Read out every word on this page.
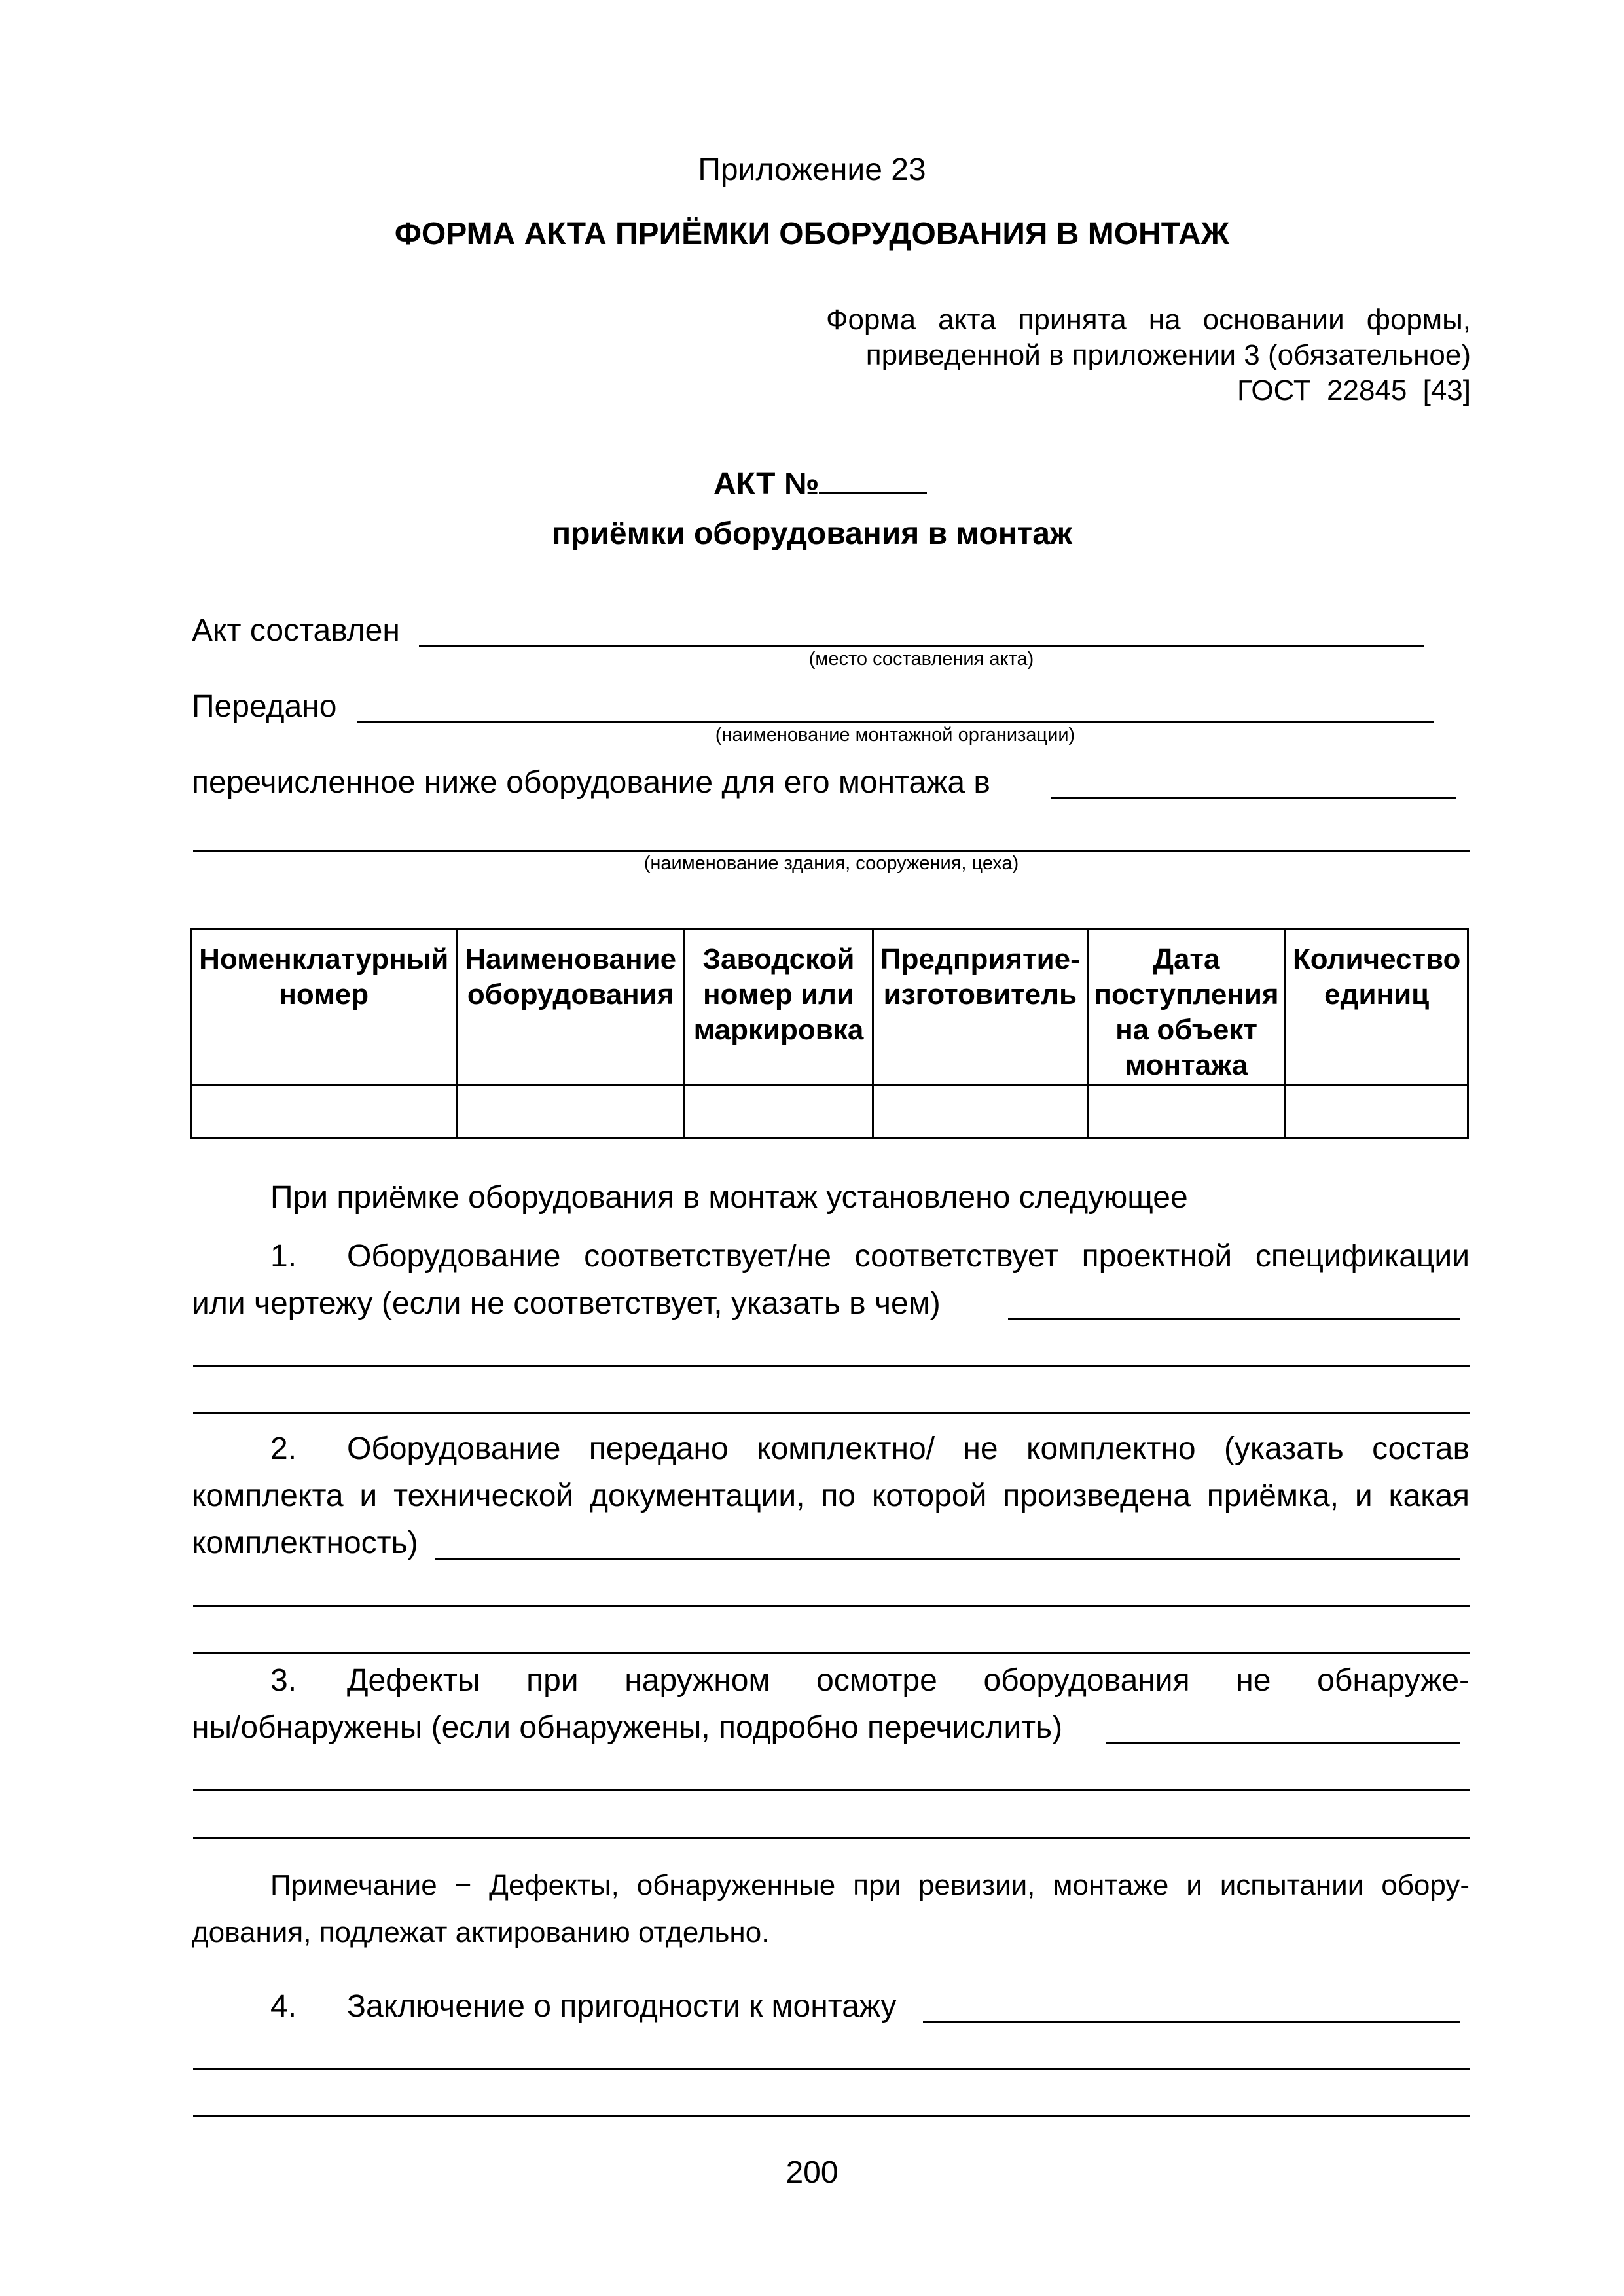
Приложение 23
ФОРМА АКТА ПРИЁМКИ ОБОРУДОВАНИЯ В МОНТАЖ
Форма акта принята на основании формы,
приведенной в приложении 3 (обязательное)
ГОСТ 22845 [43]
АКТ №
приёмки оборудования в монтаж
Акт составлен
(место составления акта)
Передано
(наименование монтажной организации)
перечисленное ниже оборудование для его монтажа в
(наименование здания, сооружения, цеха)
Номенклатурный номер	Наименование оборудования	Заводской номер или маркировка	Предприятие-изготовитель	Дата поступления на объект монтажа	Количество единиц

При приёмке оборудования в монтаж установлено следующее
1. Оборудование соответствует/не соответствует проектной спецификации
или чертежу (если не соответствует, указать в чем)
2. Оборудование передано комплектно/ не комплектно (указать состав
комплекта и технической документации, по которой произведена приёмка, и какая
комплектность)
3. Дефекты при наружном осмотре оборудования не обнаруже-
ны/обнаружены (если обнаружены, подробно перечислить)
Примечание − Дефекты, обнаруженные при ревизии, монтаже и испытании обору-
дования, подлежат актированию отдельно.
4. Заключение о пригодности к монтажу
200
